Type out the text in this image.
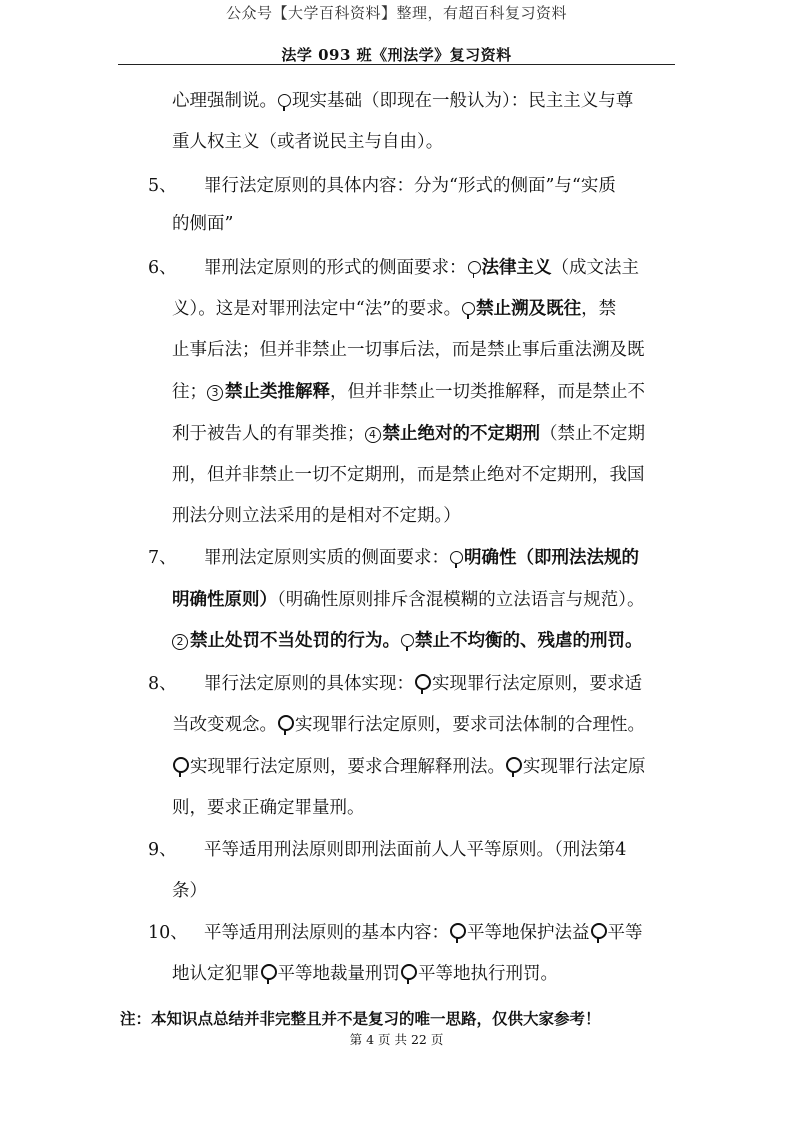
公众号【大学百科资料】整理，有超百科复习资料
法学 093 班《刑法学》复习资料
心理强制说。 现实基础（即现在一般认为）：民主主义与尊
重人权主义（或者说民主与自由）。
5、 罪行法定原则的具体内容：分为“形式的侧面”与“实质
的侧面”
6、 罪刑法定原则的形式的侧面要求： 法律主义（成文法主
义）。这是对罪刑法定中“法”的要求。 禁止溯及既往，禁
止事后法；但并非禁止一切事后法，而是禁止事后重法溯及既
往； 3 禁止类推解释，但并非禁止一切类推解释，而是禁止不
利于被告人的有罪类推； 4 禁止绝对的不定期刑（禁止不定期
刑，但并非禁止一切不定期刑，而是禁止绝对不定期刑，我国
刑法分则立法采用的是相对不定期。）
7、 罪刑法定原则实质的侧面要求： 明确性（即刑法法规的
明确性原则）（明确性原则排斥含混模糊的立法语言与规范）。
2 禁止处罚不当处罚的行为。 禁止不均衡的、残虐的刑罚。
8、 罪行法定原则的具体实现： 实现罪行法定原则，要求适
当改变观念。 实现罪行法定原则，要求司法体制的合理性。
实现罪行法定原则，要求合理解释刑法。 实现罪行法定原
则，要求正确定罪量刑。
9、 平等适用刑法原则即刑法面前人人平等原则。（刑法第4
条）
10、 平等适用刑法原则的基本内容： 平等地保护法益 平等
地认定犯罪 平等地裁量刑罚 平等地执行刑罚。
注：本知识点总结并非完整且并不是复习的唯一思路，仅供大家参考！
第 4 页 共 22 页
